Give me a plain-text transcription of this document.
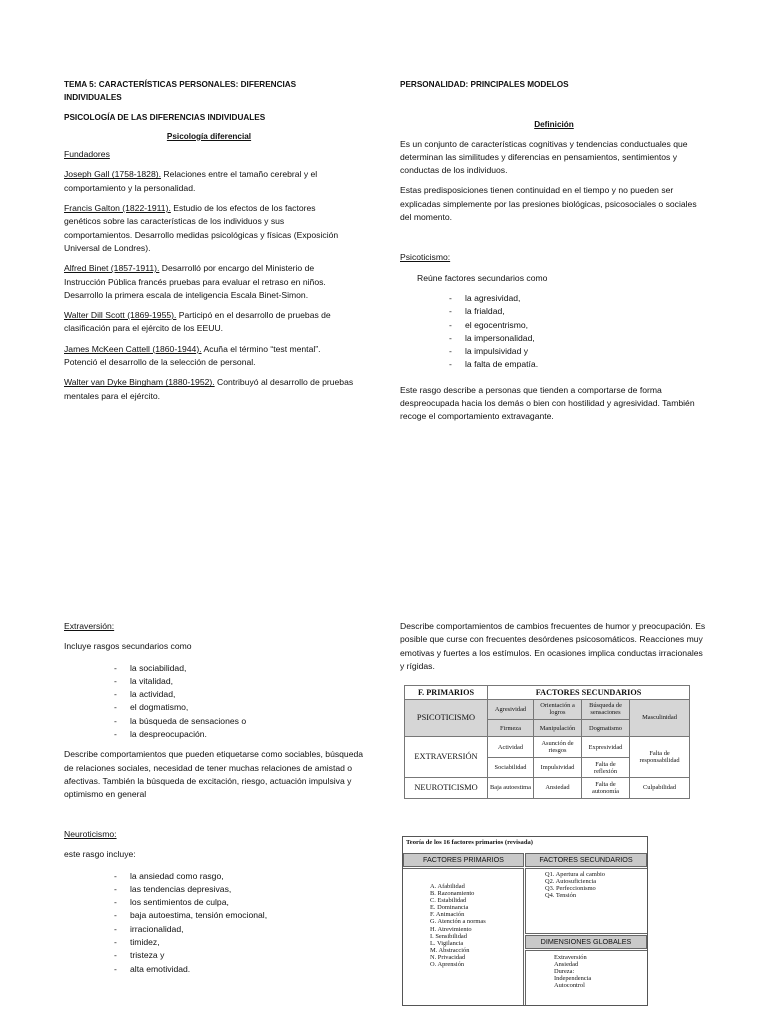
TEMA 5: CARACTERÍSTICAS PERSONALES: DIFERENCIAS INDIVIDUALES

PSICOLOGÍA DE LAS DIFERENCIAS INDIVIDUALES

Psicología diferencial

Fundadores

Joseph Gall (1758-1828). Relaciones entre el tamaño cerebral y el comportamiento y la personalidad.

Francis Galton (1822-1911). Estudio de los efectos de los factores genéticos sobre las características de los individuos y sus comportamientos. Desarrollo medidas psicológicas y físicas (Exposición Universal de Londres).

Alfred Binet (1857-1911). Desarrolló por encargo del Ministerio de Instrucción Pública francés pruebas para evaluar el retraso en niños. Desarrollo la primera escala de inteligencia Escala Binet-Simon.

Walter Dill Scott (1869-1955). Participó en el desarrollo de pruebas de clasificación para el ejército de los EEUU.

James McKeen Cattell (1860-1944). Acuña el término “test mental”. Potenció el desarrollo de la selección de personal.

Walter van Dyke Bingham (1880-1952). Contribuyó al desarrollo de pruebas mentales para el ejército.

PERSONALIDAD: PRINCIPALES MODELOS

Definición

Es un conjunto de características cognitivas y tendencias conductuales que determinan las similitudes y diferencias en pensamientos, sentimientos y conductas de los individuos.

Estas predisposiciones tienen continuidad en el tiempo y no pueden ser explicadas simplemente por las presiones biológicas, psicosociales o sociales del momento.

Psicoticismo:

Reúne factores secundarios como

- la agresividad,
- la frialdad,
- el egocentrismo,
- la impersonalidad,
- la impulsividad y
- la falta de empatía.

Este rasgo describe a personas que tienden a comportarse de forma despreocupada hacia los demás o bien con hostilidad y agresividad. También recoge el comportamiento extravagante.

Extraversión:

Incluye rasgos secundarios como

- la sociabilidad,
- la vitalidad,
- la actividad,
- el dogmatismo,
- la búsqueda de sensaciones o
- la despreocupación.

Describe comportamientos que pueden etiquetarse como sociables, búsqueda de relaciones sociales, necesidad de tener muchas relaciones de amistad o afectivas. También la búsqueda de excitación, riesgo, actuación impulsiva y optimismo en general

Neuroticismo:

este rasgo incluye:

- la ansiedad como rasgo,
- las tendencias depresivas,
- los sentimientos de culpa,
- baja autoestima, tensión emocional,
- irracionalidad,
- timidez,
- tristeza y
- alta emotividad.

Describe comportamientos de cambios frecuentes de humor y preocupación. Es posible que curse con frecuentes desórdenes psicosomáticos. Reacciones muy emotivas y fuertes a los estímulos. En ocasiones implica conductas irracionales y rígidas.

F. PRIMARIOS	FACTORES SECUNDARIOS			
PSICOTICISMO	Agresividad	Orientación a logros	Búsqueda de sensaciones	Masculinidad
	Firmeza	Manipulación	Dogmatismo	
EXTRAVERSIÓN	Actividad	Asunción de riesgos	Expresividad	Falta de responsabilidad
	Sociabilidad	Impulsividad	Falta de reflexión	
NEUROTICISMO	Baja autoestima	Ansiedad	Falta de autonomía	Culpabilidad
Teoría de los 16 factores primarios (revisada)
FACTORES PRIMARIOS	FACTORES SECUNDARIOS
A. Afabilidad
B. Razonamiento
C. Estabilidad
E. Dominancia
F. Animación
G. Atención a normas
H. Atrevimiento
I. Sensibilidad
L. Vigilancia
M. Abstracción
N. Privacidad
O. Aprensión
Q1. Apertura al cambio
Q2. Autosuficiencia
Q3. Perfeccionismo
Q4. Tensión
DIMENSIONES GLOBALES
Extraversión
Ansiedad
Dureza:
Independencia
Autocontrol
